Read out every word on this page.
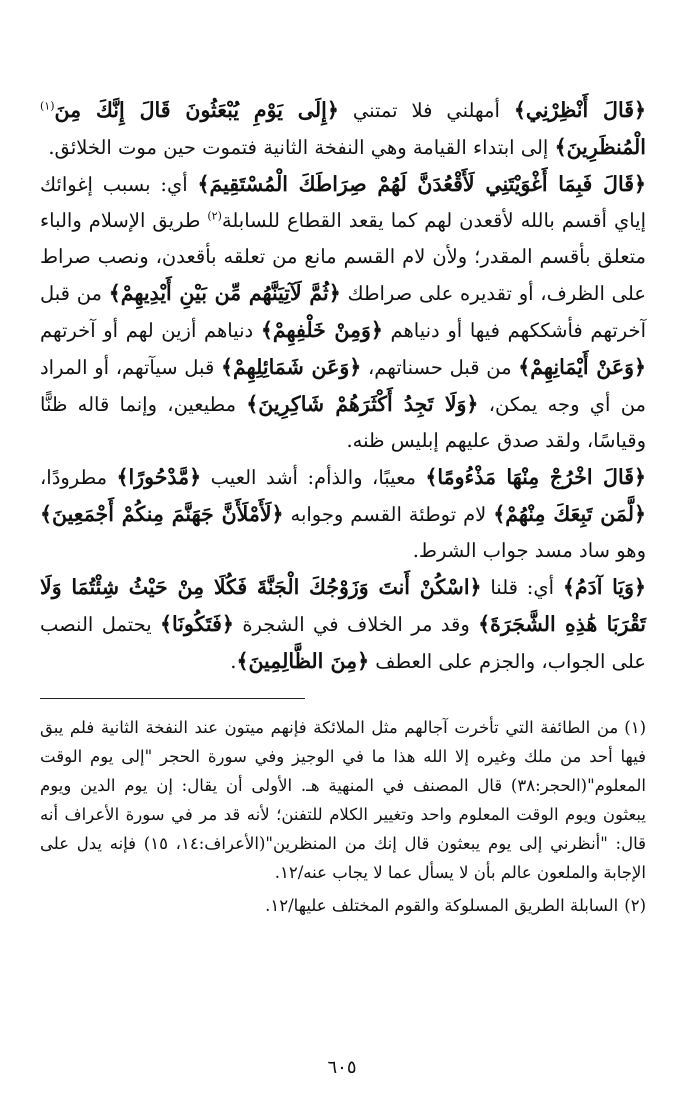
﴿قَالَ أَنْظِرْنِي﴾ أمهلني فلا تمتني ﴿إِلَى يَوْمِ يُبْعَثُونَ قَالَ إِنَّكَ مِنَ$^{(١)}$ الْمُنظَرِينَ﴾ إلى ابتداء القيامة وهي النفخة الثانية فتموت حين موت الخلائق.

﴿قَالَ فَبِمَا أَغْوَيْتَنِي لَأَقْعُدَنَّ لَهُمْ صِرَاطَكَ الْمُسْتَقِيمَ﴾ أي: بسبب إغوائك إياي أقسم بالله لأقعدن لهم كما يقعد القطاع للسابلة$^{(٢)}$ طريق الإسلام والباء متعلق بأقسم المقدر؛ ولأن لام القسم مانع من تعلقه بأقعدن، ونصب صراط على الظرف، أو تقديره على صراطك ﴿ثُمَّ لَآتِيَنَّهُم مِّن بَيْنِ أَيْدِيهِمْ﴾ من قبل آخرتهم فأشككهم فيها أو دنياهم ﴿وَمِنْ خَلْفِهِمْ﴾ دنياهم أزين لهم أو آخرتهم ﴿وَعَنْ أَيْمَانِهِمْ﴾ من قبل حسناتهم، ﴿وَعَن شَمَائِلِهِمْ﴾ قبل سيآتهم، أو المراد من أي وجه يمكن، ﴿وَلَا تَجِدُ أَكْثَرَهُمْ شَاكِرِينَ﴾ مطيعين، وإنما قاله ظنًّا وقياسًا، ولقد صدق عليهم إبليس ظنه.

﴿قَالَ اخْرُجْ مِنْهَا مَذْءُومًا﴾ معيبًا، والذأم: أشد العيب ﴿مَّدْحُورًا﴾ مطرودًا، ﴿لَّمَن تَبِعَكَ مِنْهُمْ﴾ لام توطئة القسم وجوابه ﴿لَأَمْلَأَنَّ جَهَنَّمَ مِنكُمْ أَجْمَعِينَ﴾ وهو ساد مسد جواب الشرط.

﴿وَيَا آدَمُ﴾ أي: قلنا ﴿اسْكُنْ أَنتَ وَزَوْجُكَ الْجَنَّةَ فَكُلَا مِنْ حَيْثُ شِئْتُمَا وَلَا تَقْرَبَا هَٰذِهِ الشَّجَرَةَ﴾ وقد مر الخلاف في الشجرة ﴿فَتَكُونَا﴾ يحتمل النصب على الجواب، والجزم على العطف ﴿مِنَ الظَّالِمِينَ﴾.

(١)من الطائفة التي تأخرت آجالهم مثل الملائكة فإنهم ميتون عند النفخة الثانية فلم يبق فيها أحد من ملك وغيره إلا الله هذا ما في الوجيز وفي سورة الحجر "إلى يوم الوقت المعلوم"(الحجر:٣٨) قال المصنف في المنهية هـ. الأولى أن يقال: إن يوم الدين ويوم يبعثون ويوم الوقت المعلوم واحد وتغيير الكلام للتفنن؛ لأنه قد مر في سورة الأعراف أنه قال: "أنظرني إلى يوم يبعثون قال إنك من المنظرين"(الأعراف:١٤، ١٥) فإنه يدل على الإجابة والملعون عالم بأن لا يسأل عما لا يجاب عنه/١٢.

(٢)السابلة الطريق المسلوكة والقوم المختلف عليها/١٢.

٦٠٥
